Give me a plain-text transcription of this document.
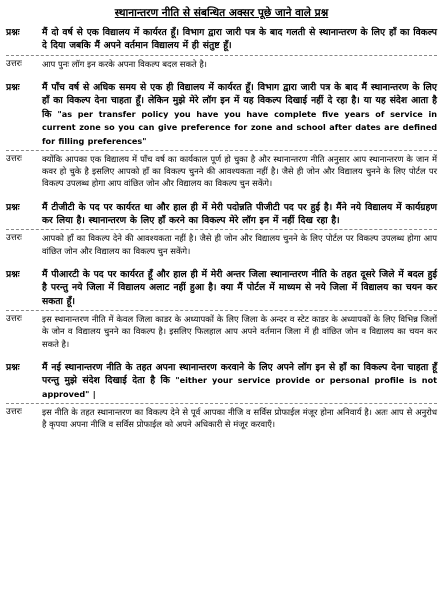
स्थानान्तरण नीति से संबन्धित अक्सर पूछे जाने वाले प्रश्न
प्रश्नः	मैं दो वर्ष से एक विद्यालय में कार्यरत हूँ। विभाग द्वारा जारी पत्र के बाद गलती से स्थानान्तरण के लिए हाँ का विकल्प दे दिया जबकि मैं अपने वर्तमान विद्यालय में ही संतुष्ट हूँ।
उत्तरः	आप पुनः लॉग इन करके अपना विकल्प बदल सकते है।
प्रश्नः	मैं पाँच वर्ष से अधिक समय से एक ही विद्यालय में कार्यरत हूँ। विभाग द्वारा जारी पत्र के बाद मैं स्थानान्तरण के लिए हाँ का विकल्प देना चाहता हूँ। लेकिन मुझे मेरे लॉग इन में यह विकल्प दिखाई नहीं दे रहा है। या यह संदेश आता है कि "as per transfer policy you have you have complete five years of service in current zone so you can give preference for zone and school after dates are defined for filling preferences"
उत्तरः	क्योंकि आपका एक विद्यालय में पाँच वर्ष का कार्यकाल पूर्ण हो चुका है और स्थानान्तरण नीति अनुसार आप स्थानान्तरण के जान में कवर हो चुके है इसलिए आपको हाँ का विकल्प चुनने की आवश्यकता नहीं है। जैसे ही जोन और विद्यालय चुनने के लिए पोर्टल पर विकल्प उपलब्ध होगा आप वांछित जोन और विद्यालय का विकल्प चुन सकेंगे।
प्रश्नः	मैं टीजीटी के पद पर कार्यरत था और हाल ही में मेरी पदोन्नति पीजीटी पद पर हुई है। मैंने नये विद्यालय में कार्यग्रहण कर लिया है। स्थानान्तरण के लिए हाँ करने का विकल्प मेरे लॉग इन में नहीं दिख रहा है।
उत्तरः	आपको हाँ का विकल्प देने की आवश्यकता नहीं है। जैसे ही जोन और विद्यालय चुनने के लिए पोर्टल पर विकल्प उपलब्ध होगा आप वांछित जोन और विद्यालय का विकल्प चुन सकेंगे।
प्रश्नः	मैं पीआरटी के पद पर कार्यरत हूँ और हाल ही में मेरी अन्तर जिला स्थानान्तरण नीति के तहत दूसरे जिले में बदल हुई है परन्तु नये जिला में विद्यालय अलाट नहीं हुआ है। क्या मैं पोर्टल में माध्यम से नये जिला में विद्यालय का चयन कर सकता हूँ।
उत्तरः	इस स्थानान्तरण नीति में केवल जिला काडर के अध्यापकों के लिए जिला के अन्दर व स्टेट काडर के अध्यापकों के लिए विभिन्न जिलों के जोन व विद्यालय चुनने का विकल्प है। इसलिए फिलहाल आप अपने वर्तमान जिला में ही वांछित जोन व विद्यालय का चयन कर सकते है।
प्रश्नः	मैं नई स्थानान्तरण नीति के तहत अपना स्थानान्तरण करवाने के लिए अपने लॉग इन से हाँ का विकल्प देना चाहता हूँ परन्तु मुझे संदेश दिखाई देता है कि "either your service provide or personal profile is not approved" |
उत्तरः	इस नीति के तहत स्थानान्तरण का विकल्प देने से पूर्व आपका नीजि व सर्विस प्रोफाईल मंजूर होना अनिवार्य है। अतः आप से अनुरोध है कृपया अपना नीजि व सर्विस प्रोफाईल को अपने अधिकारी से मंजूर करवाएँ।
